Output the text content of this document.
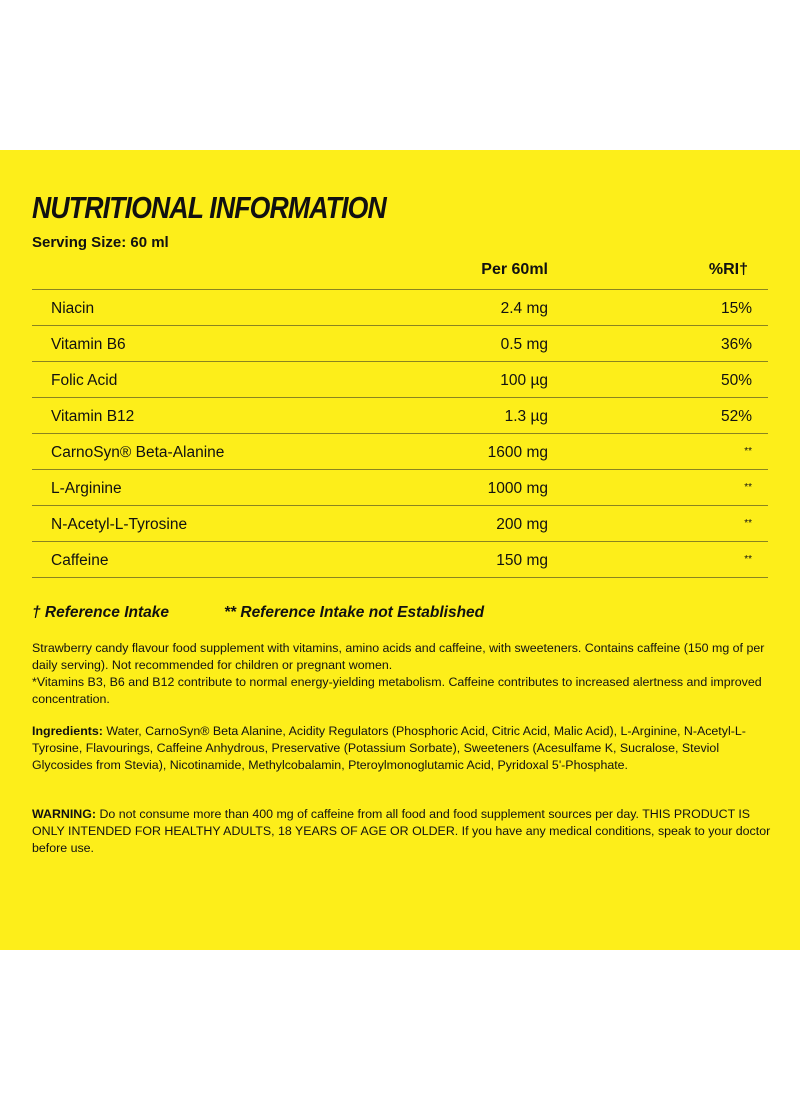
NUTRITIONAL INFORMATION
Serving Size: 60 ml
Per 60ml	%RI†
Niacin	2.4 mg	15%
Vitamin B6	0.5 mg	36%
Folic Acid	100 µg	50%
Vitamin B12	1.3 µg	52%
CarnoSyn® Beta-Alanine	1600 mg	**
L-Arginine	1000 mg	**
N-Acetyl-L-Tyrosine	200 mg	**
Caffeine	150 mg	**
† Reference Intake	** Reference Intake not Established
Strawberry candy flavour food supplement with vitamins, amino acids and caffeine, with sweeteners. Contains caffeine (150 mg of per daily serving). Not recommended for children or pregnant women.
*Vitamins B3, B6 and B12 contribute to normal energy-yielding metabolism. Caffeine contributes to increased alertness and improved concentration.
Ingredients: Water, CarnoSyn® Beta Alanine, Acidity Regulators (Phosphoric Acid, Citric Acid, Malic Acid), L-Arginine, N-Acetyl-L-Tyrosine, Flavourings, Caffeine Anhydrous, Preservative (Potassium Sorbate), Sweeteners (Acesulfame K, Sucralose, Steviol Glycosides from Stevia), Nicotinamide, Methylcobalamin, Pteroylmonoglutamic Acid, Pyridoxal 5'-Phosphate.
WARNING: Do not consume more than 400 mg of caffeine from all food and food supplement sources per day. THIS PRODUCT IS ONLY INTENDED FOR HEALTHY ADULTS, 18 YEARS OF AGE OR OLDER. If you have any medical conditions, speak to your doctor before use.
